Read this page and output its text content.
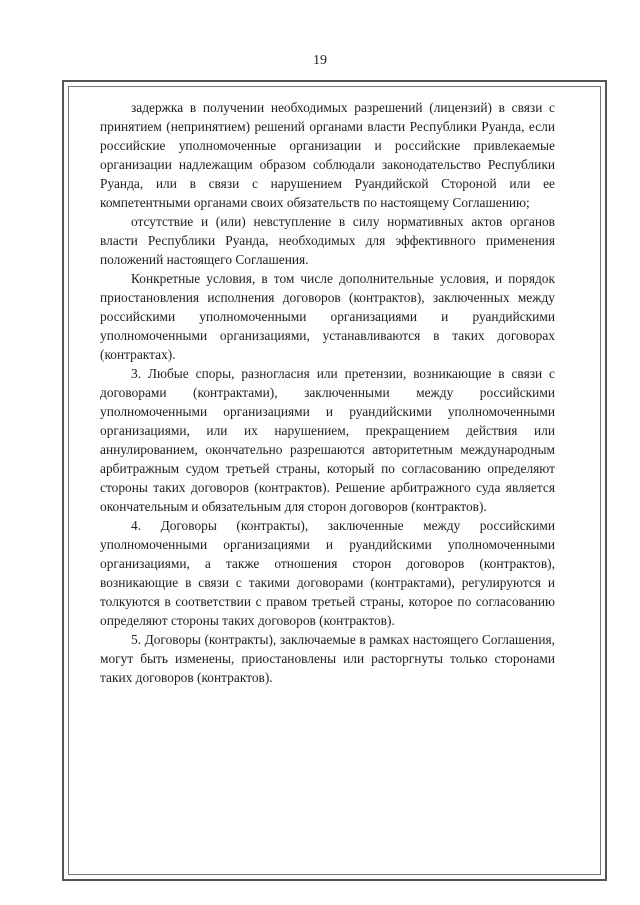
19

задержка в получении необходимых разрешений (лицензий) в связи с принятием (непринятием) решений органами власти Республики Руанда, если российские уполномоченные организации и российские привлекаемые организации надлежащим образом соблюдали законодательство Республики Руанда, или в связи с нарушением Руандийской Стороной или ее компетентными органами своих обязательств по настоящему Соглашению;

отсутствие и (или) невступление в силу нормативных актов органов власти Республики Руанда, необходимых для эффективного применения положений настоящего Соглашения.

Конкретные условия, в том числе дополнительные условия, и порядок приостановления исполнения договоров (контрактов), заключенных между российскими уполномоченными организациями и руандийскими уполномоченными организациями, устанавливаются в таких договорах (контрактах).

3. Любые споры, разногласия или претензии, возникающие в связи с договорами (контрактами), заключенными между российскими уполномоченными организациями и руандийскими уполномоченными организациями, или их нарушением, прекращением действия или аннулированием, окончательно разрешаются авторитетным международным арбитражным судом третьей страны, который по согласованию определяют стороны таких договоров (контрактов). Решение арбитражного суда является окончательным и обязательным для сторон договоров (контрактов).

4. Договоры (контракты), заключенные между российскими уполномоченными организациями и руандийскими уполномоченными организациями, а также отношения сторон договоров (контрактов), возникающие в связи с такими договорами (контрактами), регулируются и толкуются в соответствии с правом третьей страны, которое по согласованию определяют стороны таких договоров (контрактов).

5. Договоры (контракты), заключаемые в рамках настоящего Соглашения, могут быть изменены, приостановлены или расторгнуты только сторонами таких договоров (контрактов).
